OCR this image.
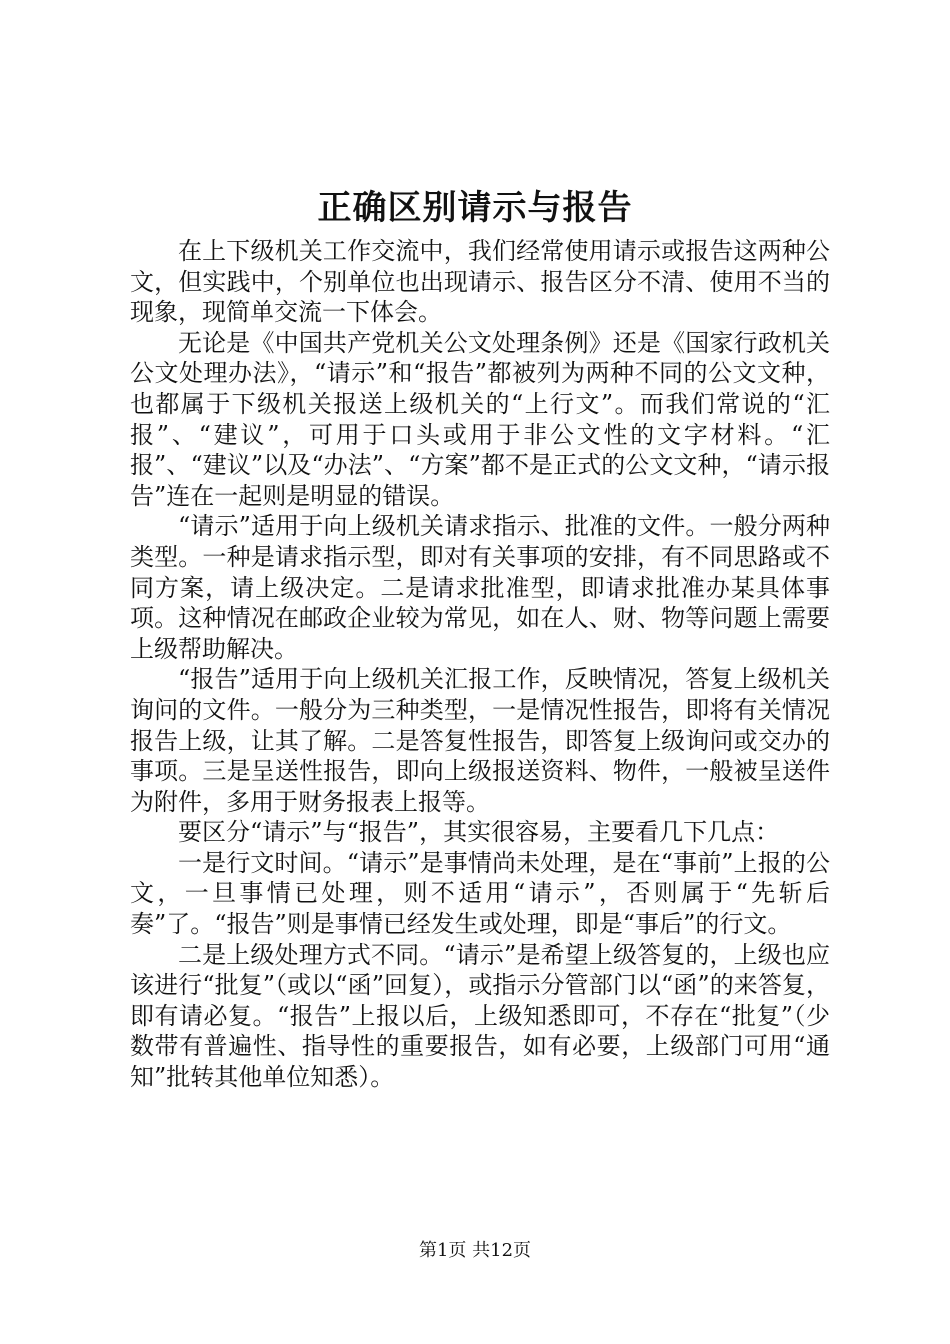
正确区别请示与报告

在上下级机关工作交流中，我们经常使用请示或报告这两种公文，但实践中，个别单位也出现请示、报告区分不清、使用不当的现象，现简单交流一下体会。

无论是《中国共产党机关公文处理条例》还是《国家行政机关公文处理办法》，“请示”和“报告”都被列为两种不同的公文文种，也都属于下级机关报送上级机关的“上行文”。而我们常说的“汇报”、“建议”，可用于口头或用于非公文性的文字材料。“汇报”、“建议”以及“办法”、“方案”都不是正式的公文文种，“请示报告”连在一起则是明显的错误。

“请示”适用于向上级机关请求指示、批准的文件。一般分两种类型。一种是请求指示型，即对有关事项的安排，有不同思路或不同方案，请上级决定。二是请求批准型，即请求批准办某具体事项。这种情况在邮政企业较为常见，如在人、财、物等问题上需要上级帮助解决。

“报告”适用于向上级机关汇报工作，反映情况，答复上级机关询问的文件。一般分为三种类型，一是情况性报告，即将有关情况报告上级，让其了解。二是答复性报告，即答复上级询问或交办的事项。三是呈送性报告，即向上级报送资料、物件，一般被呈送件为附件，多用于财务报表上报等。

要区分“请示”与“报告”，其实很容易，主要看几下几点：

一是行文时间。“请示”是事情尚未处理，是在“事前”上报的公文，一旦事情已处理，则不适用“请示”，否则属于“先斩后奏”了。“报告”则是事情已经发生或处理，即是“事后”的行文。

二是上级处理方式不同。“请示”是希望上级答复的，上级也应该进行“批复”（或以“函”回复），或指示分管部门以“函”的来答复，即有请必复。“报告”上报以后，上级知悉即可，不存在“批复”（少数带有普遍性、指导性的重要报告，如有必要，上级部门可用“通知”批转其他单位知悉）。

第1页 共12页
